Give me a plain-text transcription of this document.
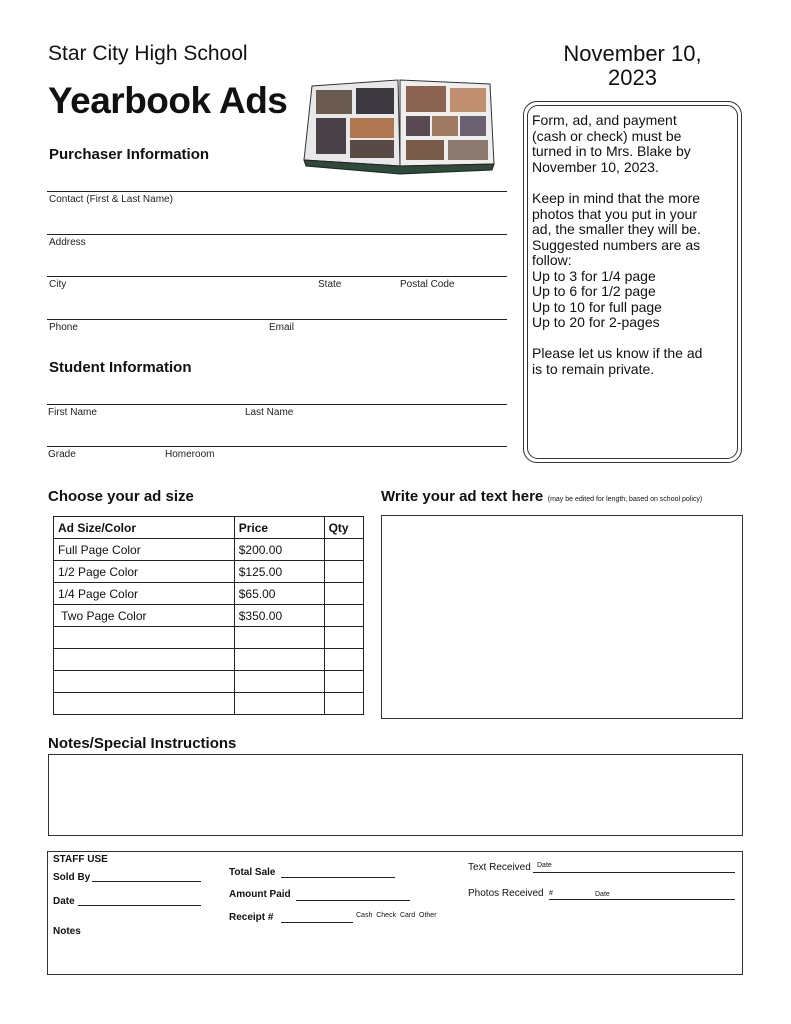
Star City High School	November 10, 2023
Yearbook Ads
Purchaser Information
Contact (First & Last Name)
Address
City	State	Postal Code
Phone	Email
Student Information
First Name	Last Name
Grade	Homeroom
Form, ad, and payment
(cash or check) must be
turned in to Mrs. Blake by
November 10, 2023.
Keep in mind that the more
photos that you put in your
ad, the smaller they will be.
Suggested numbers are as
follow:
Up to 3 for 1/4 page
Up to 6 for 1/2 page
Up to 10 for full page
Up to 20 for 2-pages
Please let us know if the ad
is to remain private.
Choose your ad size
Ad Size/Color	Price	Qty
Full Page Color	$200.00	
1/2 Page Color	$125.00	
1/4 Page Color	$65.00	
Two Page Color	$350.00	

Write your ad text here (may be edited for length; based on school policy)
Notes/Special Instructions
STAFF USE
Sold By
Date
Notes
Total Sale
Amount Paid
Receipt #	Cash  Check  Card  Other
Text Received Date
Photos Received #	Date
